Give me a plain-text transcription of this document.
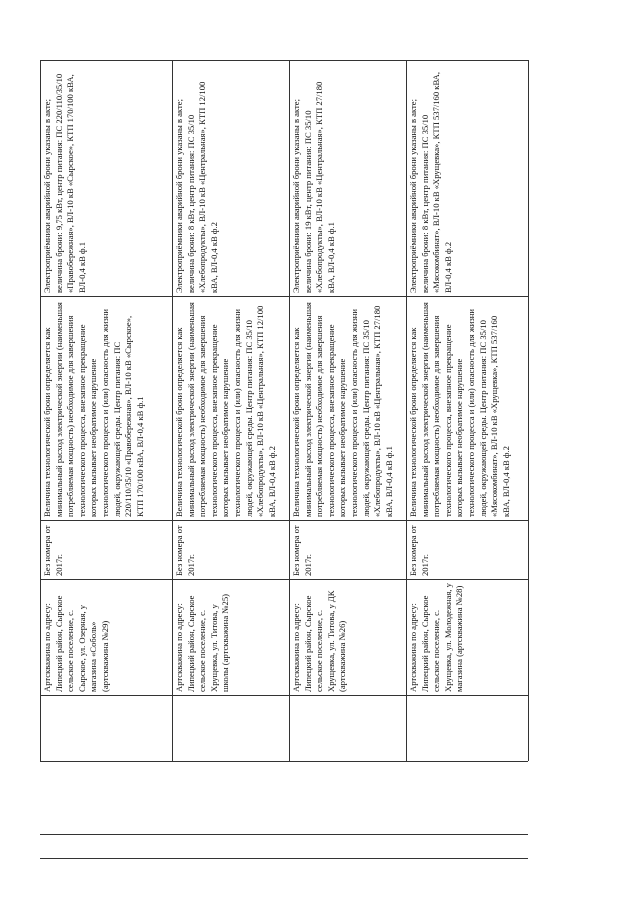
Артскважина по адресу: Липецкий район, Сырское сельское поселение, с. Сырское, ул. Озерная, у магазина «Соболь» (артскважина №29)
Без номера от 2017г.
Величина технологической брони определяется как минимальный расход электрической энергии (наименьшая потребляемая мощность) необходимое для завершения технологического процесса, внезапное прекращение которых вызывает необратимое нарушение технологического процесса и (или) опасность для жизни людей, окружающей среды. Центр питания: ПС 220/110/35/10 «Правобережная», ВЛ-10 кВ «Сырское», КТП 170/100 кВА, ВЛ-0,4 кВ ф.1
Электроприёмники аварийной брони указаны в акте; величина брони: 9,75 кВт, центр питания: ПС 220/110/35/10 «Правобережная», ВЛ-10 кВ «Сырское», КТП 170/100 кВА, ВЛ-0,4 кВ ф.1
Артскважина по адресу: Липецкий район, Сырское сельское поселение, с. Хрущевка, ул. Титова, у школы (артскважина №25)
Без номера от 2017г.
Величина технологической брони определяется как минимальный расход электрической энергии (наименьшая потребляемая мощность) необходимое для завершения технологического процесса, внезапное прекращение которых вызывает необратимое нарушение технологического процесса и (или) опасность для жизни людей, окружающей среды. Центр питания: ПС 35/10 «Хлебопродукты», ВЛ-10 кВ «Центральная», КТП 12/100 кВА, ВЛ-0,4 кВ ф.2
Электроприёмники аварийной брони указаны в акте; величина брони: 8 кВт, центр питания: ПС 35/10 «Хлебопродукты», ВЛ-10 кВ «Центральная», КТП 12/100 кВА, ВЛ-0,4 кВ ф.2
Артскважина по адресу: Липецкий район, Сырское сельское поселение, с. Хрущевка, ул. Титова, у ДК (артскважина №26)
Без номера от 2017г.
Величина технологической брони определяется как минимальный расход электрической энергии (наименьшая потребляемая мощность) необходимое для завершения технологического процесса, внезапное прекращение которых вызывает необратимое нарушение технологического процесса и (или) опасность для жизни людей, окружающей среды. Центр питания: ПС 35/10 «Хлебопродукты», ВЛ-10 кВ «Центральная», КТП 27/180 кВА, ВЛ-0,4 кВ ф.1
Электроприёмники аварийной брони указаны в акте; величина брони: 19 кВт, центр питания: ПС 35/10 «Хлебопродукты», ВЛ-10 кВ «Центральная», КТП 27/180 кВА, ВЛ-0,4 кВ ф.1
Артскважина по адресу: Липецкий район, Сырское сельское поселение, с. Хрущевка, ул. Молодежная, у магазина (артскважина №28)
Без номера от 2017г.
Величина технологической брони определяется как минимальный расход электрической энергии (наименьшая потребляемая мощность) необходимое для завершения технологического процесса, внезапное прекращение которых вызывает необратимое нарушение технологического процесса и (или) опасность для жизни людей, окружающей среды. Центр питания: ПС 35/10 «Мясокомбинат», ВЛ-10 кВ «Хрущевка», КТП 537/160 кВА, ВЛ-0,4 кВ ф.2
Электроприёмники аварийной брони указаны в акте; величина брони: 8 кВт, центр питания: ПС 35/10 «Мясокомбинат», ВЛ-10 кВ «Хрущевка», КТП 537/160 кВА, ВЛ-0,4 кВ ф.2
